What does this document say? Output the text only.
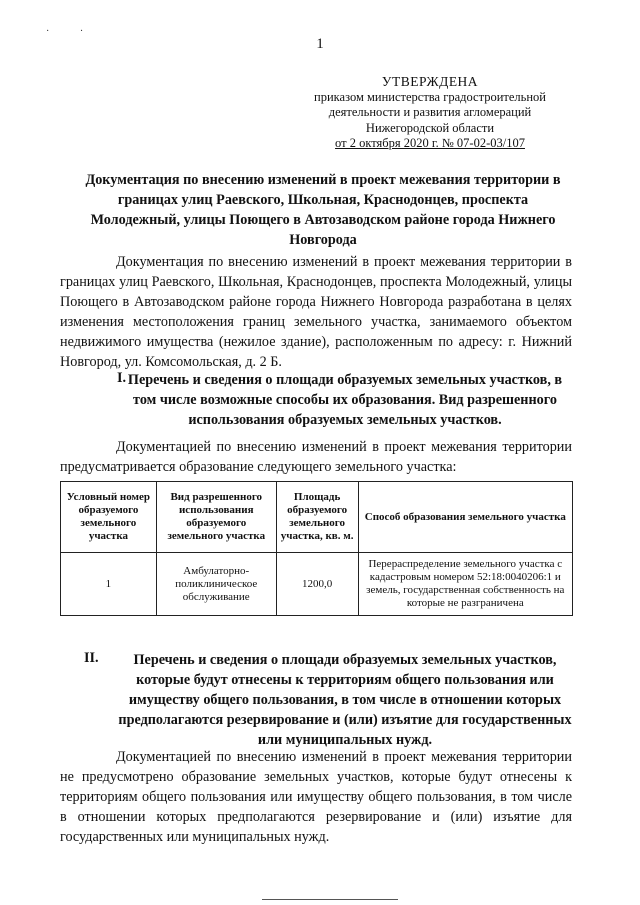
· ·
1
УТВЕРЖДЕНА
приказом министерства градостроительной
деятельности и развития агломераций
Нижегородской области
от 2 октября 2020 г. № 07-02-03/107
Документация по внесению изменений в проект межевания территории в границах улиц Раевского, Школьная, Краснодонцев, проспекта Молодежный, улицы Поющего в Автозаводском районе города Нижнего Новгорода
Документация по внесению изменений в проект межевания территории в границах улиц Раевского, Школьная, Краснодонцев, проспекта Молодежный, улицы Поющего в Автозаводском районе города Нижнего Новгорода разработана в целях изменения местоположения границ земельного участка, занимаемого объектом недвижимого имущества (нежилое здание), расположенным по адресу: г. Нижний Новгород, ул. Комсомольская, д. 2 Б.
I. Перечень и сведения о площади образуемых земельных участков, в том числе возможные способы их образования. Вид разрешенного использования образуемых земельных участков.
Документацией по внесению изменений в проект межевания территории предусматривается образование следующего земельного участка:
Условный номер образуемого земельного участка	Вид разрешенного использования образуемого земельного участка	Площадь образуемого земельного участка, кв. м.	Способ образования земельного участка
1	Амбулаторно-поликлиническое обслуживание	1200,0	Перераспределение земельного участка с кадастровым номером 52:18:0040206:1 и земель, государственная собственность на которые не разграничена
II.	Перечень и сведения о площади образуемых земельных участков, которые будут отнесены к территориям общего пользования или имуществу общего пользования, в том числе в отношении которых предполагаются резервирование и (или) изъятие для государственных или муниципальных нужд.
Документацией по внесению изменений в проект межевания территории не предусмотрено образование земельных участков, которые будут отнесены к территориям общего пользования или имуществу общего пользования, в том числе в отношении которых предполагаются резервирование и (или) изъятие для государственных или муниципальных нужд.
